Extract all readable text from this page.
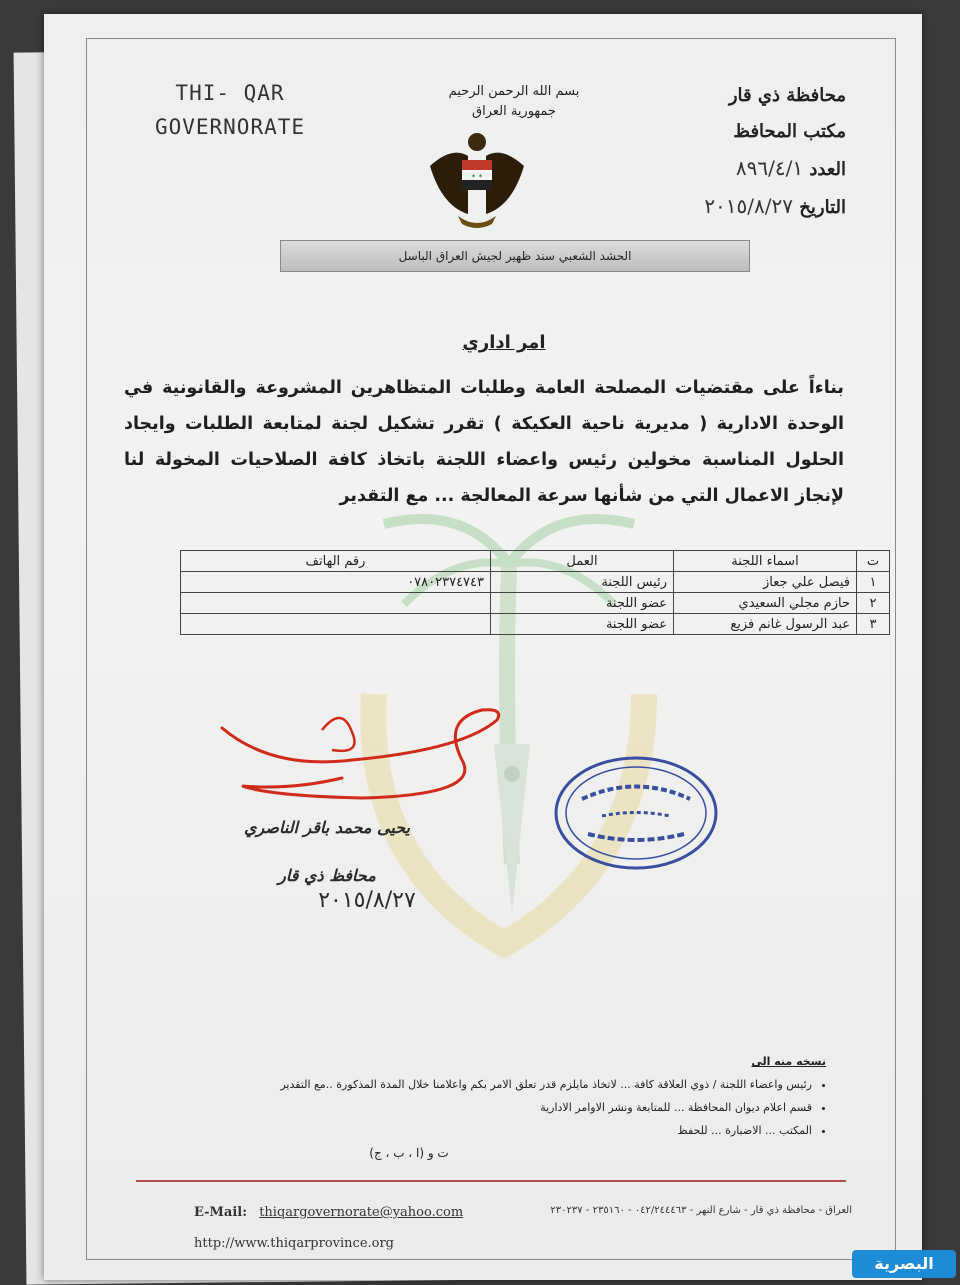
THI- QAR
GOVERNORATE
بسم الله الرحمن الرحيم
جمهورية العراق
✶ ✶
محافظة ذي قار
مكتب المحافظ
العدد ٨٩٦/٤/١
التاريخ ٢٠١٥/٨/٢٧
الحشد الشعبي سند ظهير لجيش العراق الباسل
امر اداري
بناءاً على مقتضيات المصلحة العامة وطلبات المتظاهرين المشروعة والقانونية في الوحدة الادارية ( مديرية ناحية العكيكة ) تقرر تشكيل لجنة لمتابعة الطلبات وايجاد الحلول المناسبة مخولين رئيس واعضاء اللجنة باتخاذ كافة الصلاحيات المخولة لنا لإنجاز الاعمال التي من شأنها سرعة المعالجة ... مع التقدير
ت	اسماء اللجنة	العمل	رقم الهاتف
١	فيصل علي جعاز	رئيس اللجنة	٠٧٨٠٢٣٧٤٧٤٣
٢	حازم مجلي السعيدي	عضو اللجنة	
٣	عبد الرسول غانم فزيع	عضو اللجنة	
يحيى محمد باقر الناصري
محافظ ذي قار
٢٠١٥/٨/٢٧
نسخه منه الى
• رئيس واعضاء اللجنة / ذوي العلاقة كافة ... لاتخاذ مايلزم قدر تعلق الامر بكم واعلامنا خلال المدة المذكورة ..مع التقدير
• قسم اعلام ديوان المحافظة ... للمتابعة ونشر الاوامر الادارية
• المكتب ... الاضبارة ... للحفظ
ت و (ا ، ب ، ج)
العراق - محافظة ذي قار - شارع النهر - ٠٤٢/٢٤٤٤٦٣ - ٢٣٥١٦٠ - ٢٣٠٢٣٧
E-Mail: thiqargovernorate@yahoo.com
http://www.thiqarprovince.org
البصرية
